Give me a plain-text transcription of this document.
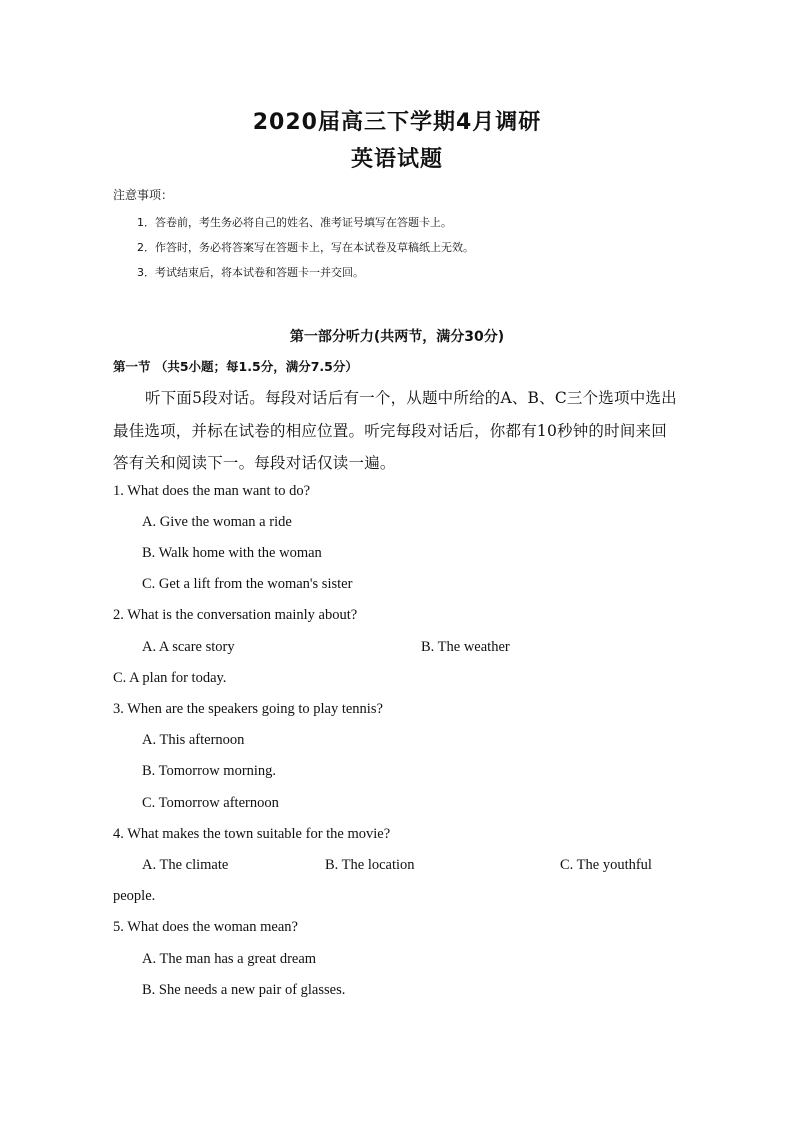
2020届高三下学期4月调研
英语试题
注意事项：
1．答卷前，考生务必将自己的姓名、准考证号填写在答题卡上。
2．作答时，务必将答案写在答题卡上，写在本试卷及草稿纸上无效。
3．考试结束后，将本试卷和答题卡一并交回。
第一部分听力(共两节，满分30分)
第一节 （共5小题；每1.5分，满分7.5分）
听下面5段对话。每段对话后有一个，从题中所给的A、B、C三个选项中选出
最佳选项，并标在试卷的相应位置。听完每段对话后，你都有10秒钟的时间来回
答有关和阅读下一。每段对话仅读一遍。
1. What does the man want to do?
A. Give the woman a ride
B. Walk home with the woman
C. Get a lift from the woman's sister
2. What is the conversation mainly about?
A. A scare story	B. The weather
C. A plan for today.
3. When are the speakers going to play tennis?
A. This afternoon
B. Tomorrow morning.
C. Tomorrow afternoon
4. What makes the town suitable for the movie?
A. The climate	B. The location	C. The youthful
people.
5. What does the woman mean?
A. The man has a great dream
B. She needs a new pair of glasses.
